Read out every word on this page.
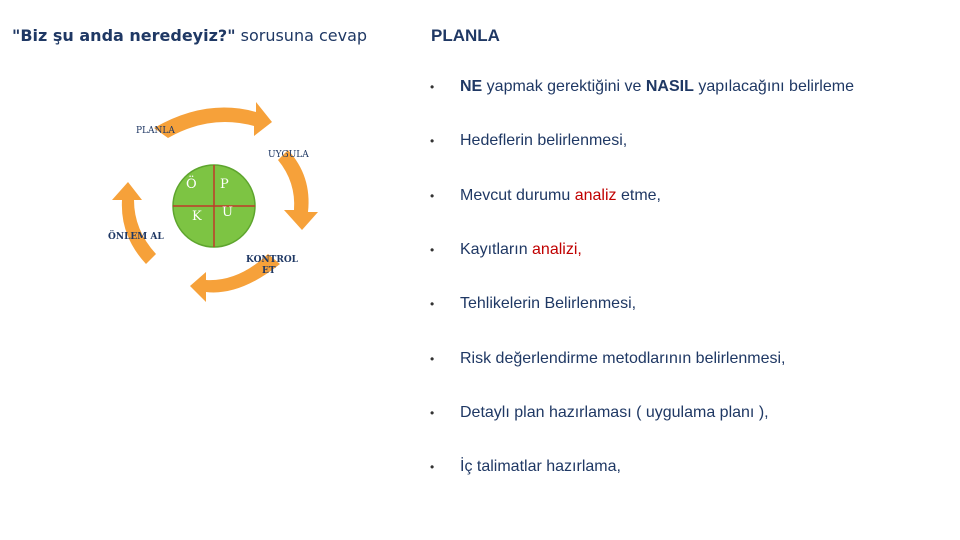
"Biz şu anda neredeyiz?" sorusuna cevap	PLANLA
Ö P
K U
PLANLA
UYGULA
KONTROL
ET
ÖNLEM AL
• NE yapmak gerektiğini ve NASIL yapılacağını belirleme
• Hedeflerin belirlenmesi,
• Mevcut durumu analiz etme,
• Kayıtların analizi,
• Tehlikelerin Belirlenmesi,
• Risk değerlendirme metodlarının belirlenmesi,
• Detaylı plan hazırlaması ( uygulama planı ),
• İç talimatlar hazırlama,
